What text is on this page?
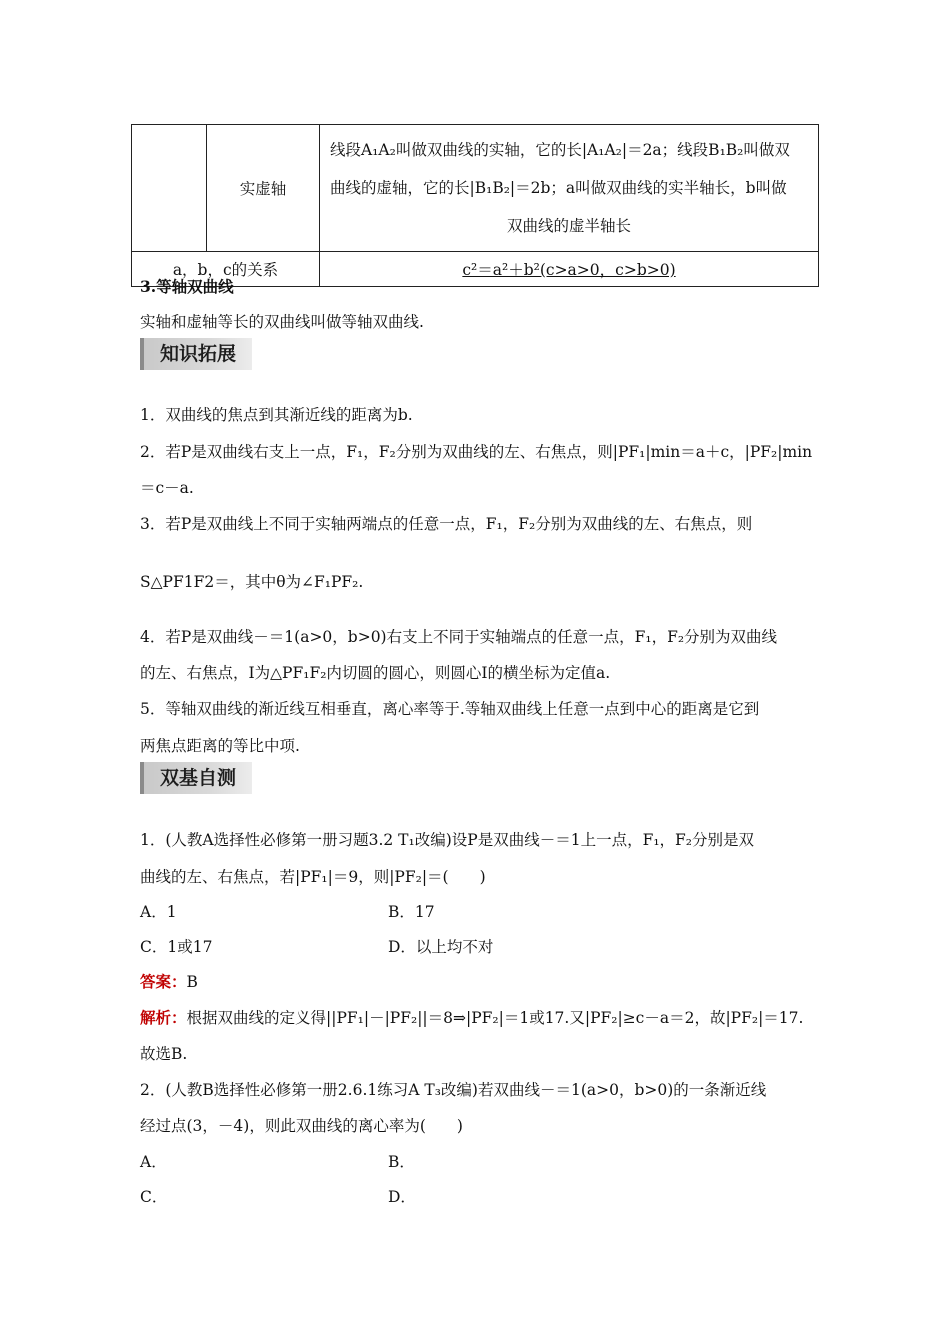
	实虚轴	线段A₁A₂叫做双曲线的实轴，它的长|A₁A₂|＝2a；线段B₁B₂叫做双
曲线的虚轴，它的长|B₁B₂|＝2b；a叫做双曲线的实半轴长，b叫做
双曲线的虚半轴长

a，b，c的关系		c²＝a²＋b²(c>a>0，c>b>0)
3.等轴双曲线
实轴和虚轴等长的双曲线叫做等轴双曲线.
知识拓展
1．双曲线的焦点到其渐近线的距离为b.
2．若P是双曲线右支上一点，F₁，F₂分别为双曲线的左、右焦点，则|PF₁|min＝a＋c，|PF₂|min
＝c－a.
3．若P是双曲线上不同于实轴两端点的任意一点，F₁，F₂分别为双曲线的左、右焦点，则
S△PF1F2＝，其中θ为∠F₁PF₂.
4．若P是双曲线－＝1(a>0，b>0)右支上不同于实轴端点的任意一点，F₁，F₂分别为双曲线
的左、右焦点，I为△PF₁F₂内切圆的圆心，则圆心I的横坐标为定值a.
5．等轴双曲线的渐近线互相垂直，离心率等于.等轴双曲线上任意一点到中心的距离是它到
两焦点距离的等比中项.
双基自测
1．(人教A选择性必修第一册习题3.2 T₁改编)设P是双曲线－＝1上一点，F₁，F₂分别是双
曲线的左、右焦点，若|PF₁|＝9，则|PF₂|＝(　　)
A．1	B．17
C．1或17	D．以上均不对
答案：B
解析：根据双曲线的定义得||PF₁|－|PF₂||＝8⇒|PF₂|＝1或17.又|PF₂|≥c－a＝2，故|PF₂|＝17.
故选B.
2．(人教B选择性必修第一册2.6.1练习A T₃改编)若双曲线－＝1(a>0，b>0)的一条渐近线
经过点(3，－4)，则此双曲线的离心率为(　　)
A．	B．
C．	D．
